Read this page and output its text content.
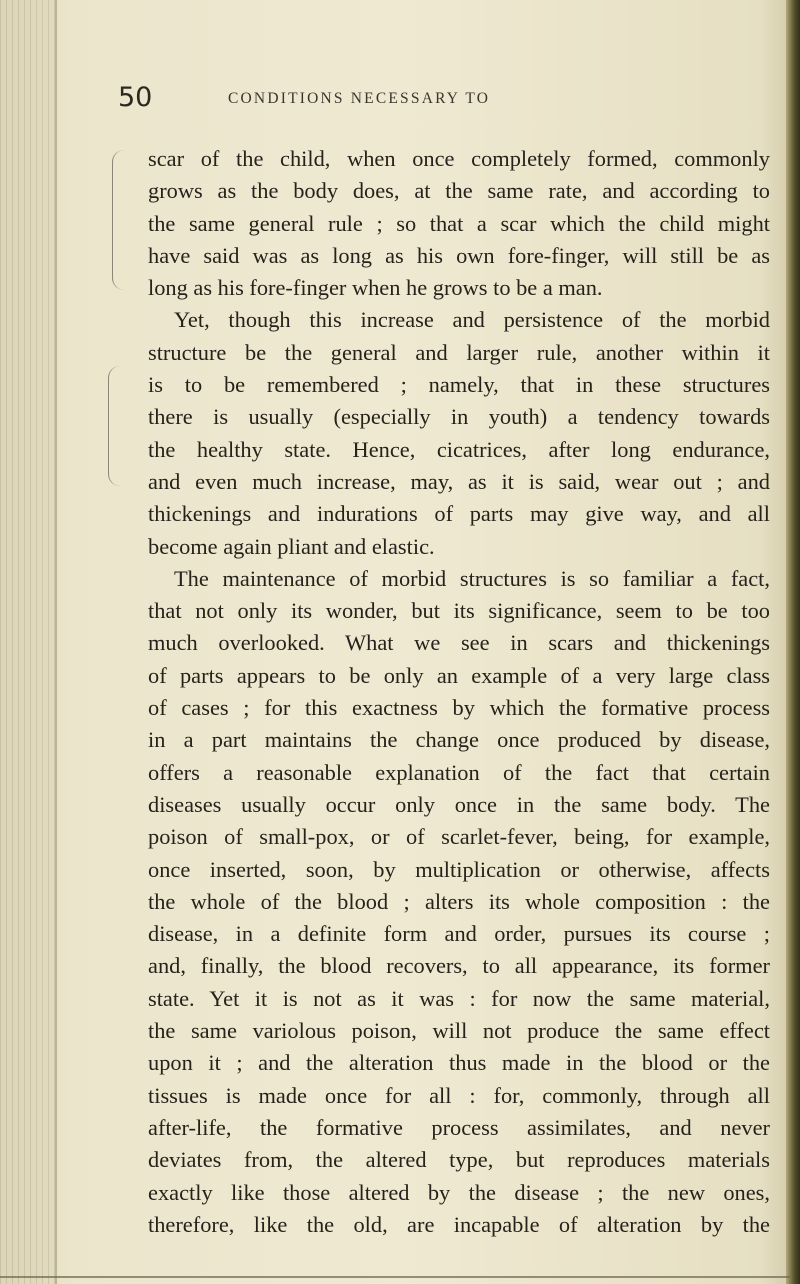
50	CONDITIONS NECESSARY TO
scar of the child, when once completely formed, commonly
grows as the body does, at the same rate, and according to
the same general rule ; so that a scar which the child might
have said was as long as his own fore-finger, will still be as
long as his fore-finger when he grows to be a man.
Yet, though this increase and persistence of the morbid
structure be the general and larger rule, another within it
is to be remembered ; namely, that in these structures
there is usually (especially in youth) a tendency towards
the healthy state. Hence, cicatrices, after long endurance,
and even much increase, may, as it is said, wear out ; and
thickenings and indurations of parts may give way, and all
become again pliant and elastic.
The maintenance of morbid structures is so familiar a fact,
that not only its wonder, but its significance, seem to be too
much overlooked. What we see in scars and thickenings
of parts appears to be only an example of a very large class
of cases ; for this exactness by which the formative process
in a part maintains the change once produced by disease,
offers a reasonable explanation of the fact that certain
diseases usually occur only once in the same body. The
poison of small-pox, or of scarlet-fever, being, for example,
once inserted, soon, by multiplication or otherwise, affects
the whole of the blood ; alters its whole composition : the
disease, in a definite form and order, pursues its course ;
and, finally, the blood recovers, to all appearance, its former
state. Yet it is not as it was : for now the same material,
the same variolous poison, will not produce the same effect
upon it ; and the alteration thus made in the blood or the
tissues is made once for all : for, commonly, through all
after-life, the formative process assimilates, and never
deviates from, the altered type, but reproduces materials
exactly like those altered by the disease ; the new ones,
therefore, like the old, are incapable of alteration by the
